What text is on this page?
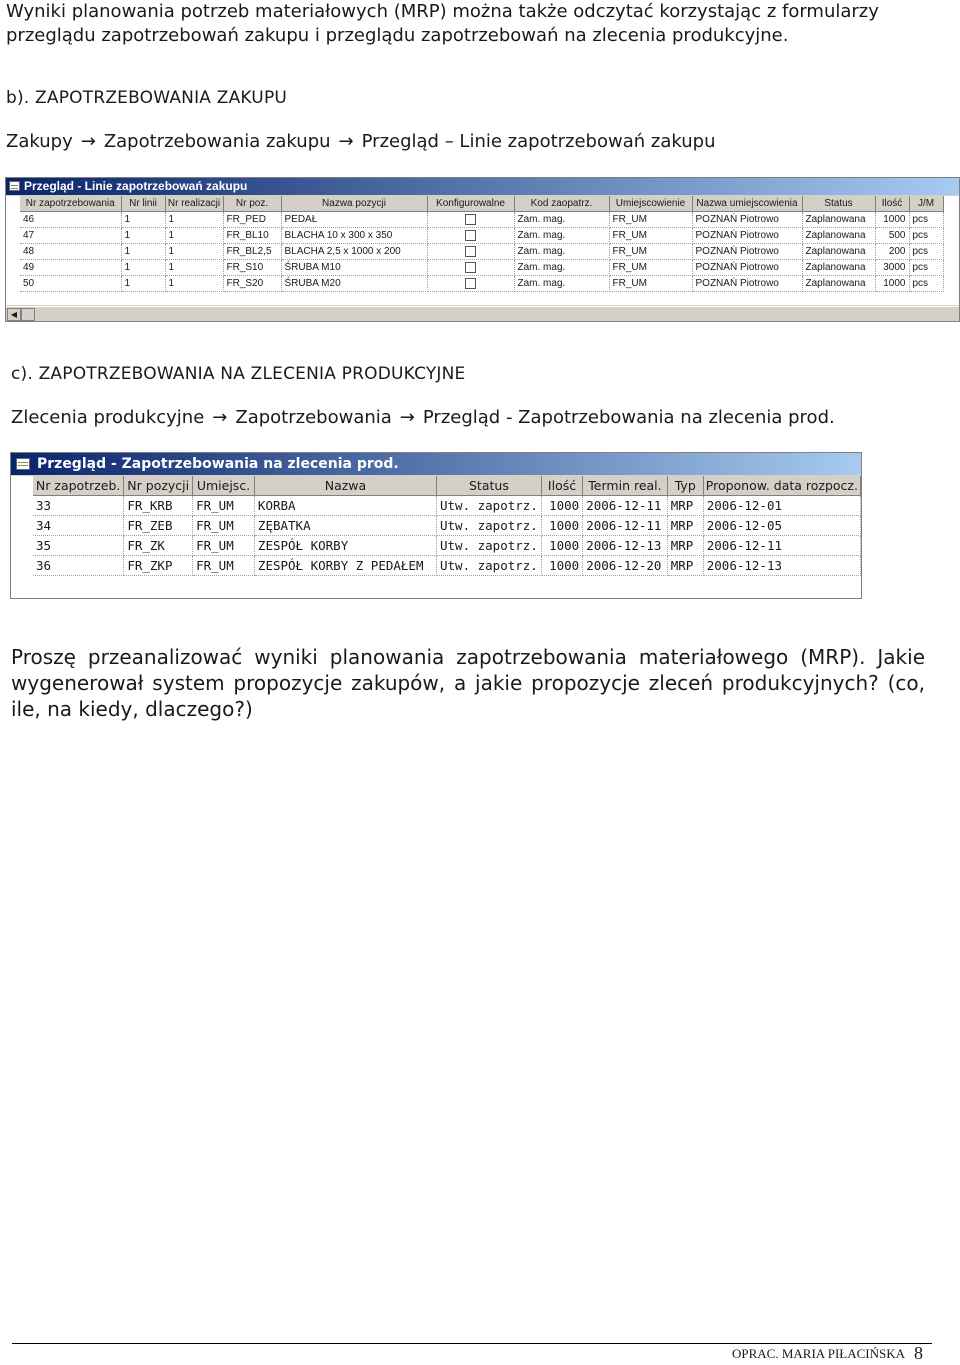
Wyniki planowania potrzeb materiałowych (MRP) można także odczytać korzystając z formularzy przeglądu zapotrzebowań zakupu i przeglądu zapotrzebowań na zlecenia produkcyjne.
b). ZAPOTRZEBOWANIA ZAKUPU
Zakupy → Zapotrzebowania zakupu → Przegląd – Linie zapotrzebowań zakupu
Przegląd - Linie zapotrzebowań zakupu
Nr zapotrzebowania	Nr linii	Nr realizacji	Nr poz.	Nazwa pozycji	Konfigurowalne	Kod zaopatrz.	Umiejscowienie	Nazwa umiejscowienia	Status	Ilość	J/M
46	1	1	FR_PED	PEDAŁ		Zam. mag.	FR_UM	POZNAŃ Piotrowo	Zaplanowana	1000	pcs
47	1	1	FR_BL10	BLACHA 10 x 300 x 350		Zam. mag.	FR_UM	POZNAŃ Piotrowo	Zaplanowana	500	pcs
48	1	1	FR_BL2,5	BLACHA 2,5 x 1000 x 200		Zam. mag.	FR_UM	POZNAŃ Piotrowo	Zaplanowana	200	pcs
49	1	1	FR_S10	ŚRUBA M10		Zam. mag.	FR_UM	POZNAŃ Piotrowo	Zaplanowana	3000	pcs
50	1	1	FR_S20	ŚRUBA M20		Zam. mag.	FR_UM	POZNAŃ Piotrowo	Zaplanowana	1000	pcs
◀
c). ZAPOTRZEBOWANIA NA ZLECENIA PRODUKCYJNE
Zlecenia produkcyjne → Zapotrzebowania → Przegląd - Zapotrzebowania na zlecenia prod.
Przegląd - Zapotrzebowania na zlecenia prod.
Nr zapotrzeb.	Nr pozycji	Umiejsc.	Nazwa	Status	Ilość	Termin real.	Typ	Proponow. data rozpocz.
33	FR_KRB	FR_UM	KORBA	Utw. zapotrz.	1000	2006-12-11	MRP	2006-12-01
34	FR_ZEB	FR_UM	ZĘBATKA	Utw. zapotrz.	1000	2006-12-11	MRP	2006-12-05
35	FR_ZK	FR_UM	ZESPÓŁ KORBY	Utw. zapotrz.	1000	2006-12-13	MRP	2006-12-11
36	FR_ZKP	FR_UM	ZESPÓŁ KORBY Z PEDAŁEM	Utw. zapotrz.	1000	2006-12-20	MRP	2006-12-13
Proszę przeanalizować wyniki planowania zapotrzebowania materiałowego (MRP). Jakie wygenerował system propozycje zakupów, a jakie propozycje zleceń produkcyjnych? (co, ile, na kiedy, dlaczego?)
OPRAC. MARIA PIŁACIŃSKA 8
